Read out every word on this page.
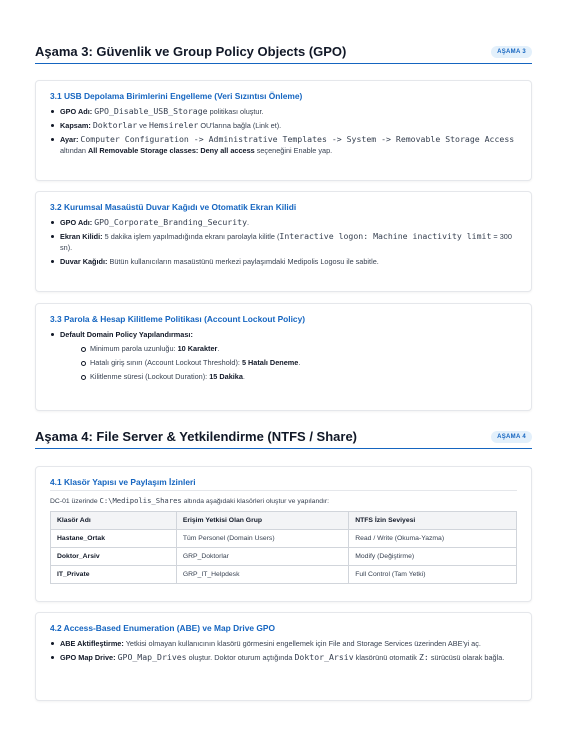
Aşama 3: Güvenlik ve Group Policy Objects (GPO)	AŞAMA 3
3.1 USB Depolama Birimlerini Engelleme (Veri Sızıntısı Önleme)
GPO Adı: GPO_Disable_USB_Storage politikası oluştur.
Kapsam: Doktorlar ve Hemsireler OU'larına bağla (Link et).
Ayar: Computer Configuration -> Administrative Templates -> System -> Removable Storage Access altından All Removable Storage classes: Deny all access seçeneğini Enable yap.
3.2 Kurumsal Masaüstü Duvar Kağıdı ve Otomatik Ekran Kilidi
GPO Adı: GPO_Corporate_Branding_Security.
Ekran Kilidi: 5 dakika işlem yapılmadığında ekranı parolayla kilitle (Interactive logon: Machine inactivity limit = 300 sn).
Duvar Kağıdı: Bütün kullanıcıların masaüstünü merkezi paylaşımdaki Medipolis Logosu ile sabitle.
3.3 Parola & Hesap Kilitleme Politikası (Account Lockout Policy)
Default Domain Policy Yapılandırması:
Minimum parola uzunluğu: 10 Karakter.
Hatalı giriş sınırı (Account Lockout Threshold): 5 Hatalı Deneme.
Kilitlenme süresi (Lockout Duration): 15 Dakika.
Aşama 4: File Server & Yetkilendirme (NTFS / Share)	AŞAMA 4
4.1 Klasör Yapısı ve Paylaşım İzinleri
DC-01 üzerinde C:\Medipolis_Shares altında aşağıdaki klasörleri oluştur ve yapılandır:
Klasör Adı	Erişim Yetkisi Olan Grup	NTFS İzin Seviyesi
Hastane_Ortak	Tüm Personel (Domain Users)	Read / Write (Okuma-Yazma)
Doktor_Arsiv	GRP_Doktorlar	Modify (Değiştirme)
IT_Private	GRP_IT_Helpdesk	Full Control (Tam Yetki)
4.2 Access-Based Enumeration (ABE) ve Map Drive GPO
ABE Aktifleştirme: Yetkisi olmayan kullanıcının klasörü görmesini engellemek için File and Storage Services üzerinden ABE'yi aç.
GPO Map Drive: GPO_Map_Drives oluştur. Doktor oturum açtığında Doktor_Arsiv klasörünü otomatik Z: sürücüsü olarak bağla.
